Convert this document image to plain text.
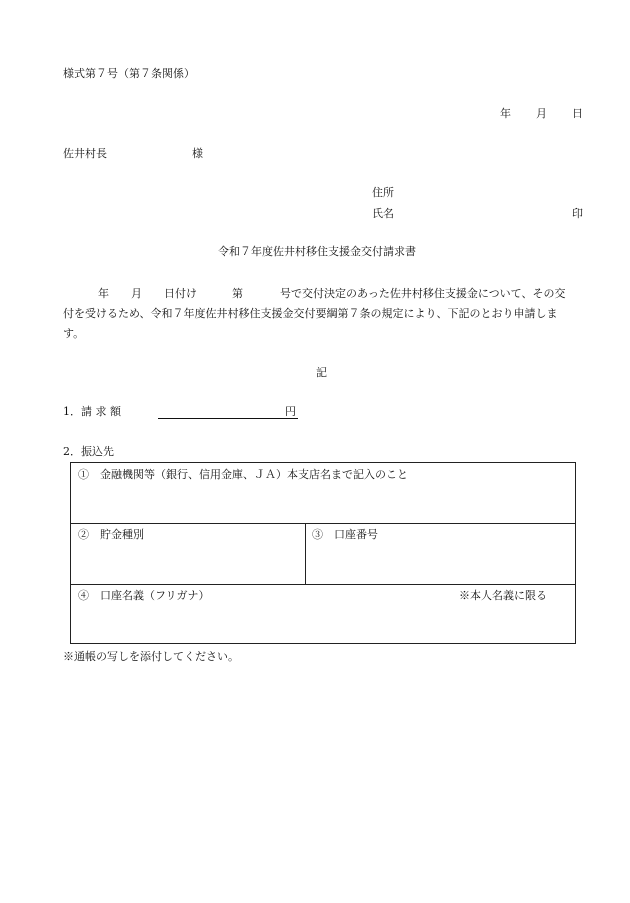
様式第７号（第７条関係）
年 月 日
佐井村長	様
住所
氏名	印
令和７年度佐井村移住支援金交付請求書
年 月 日付け	第	号で交付決定のあった佐井村移住支援金について、その交
付を受けるため、令和７年度佐井村移住支援金交付要綱第７条の規定により、下記のとおり申請しま
す。
記
1．請 求 額	円
2．振込先
①　金融機関等（銀行、信用金庫、ＪＡ）本支店名まで記入のこと
②　貯金種別	③　口座番号
④　口座名義（フリガナ）	※本人名義に限る
※通帳の写しを添付してください。
